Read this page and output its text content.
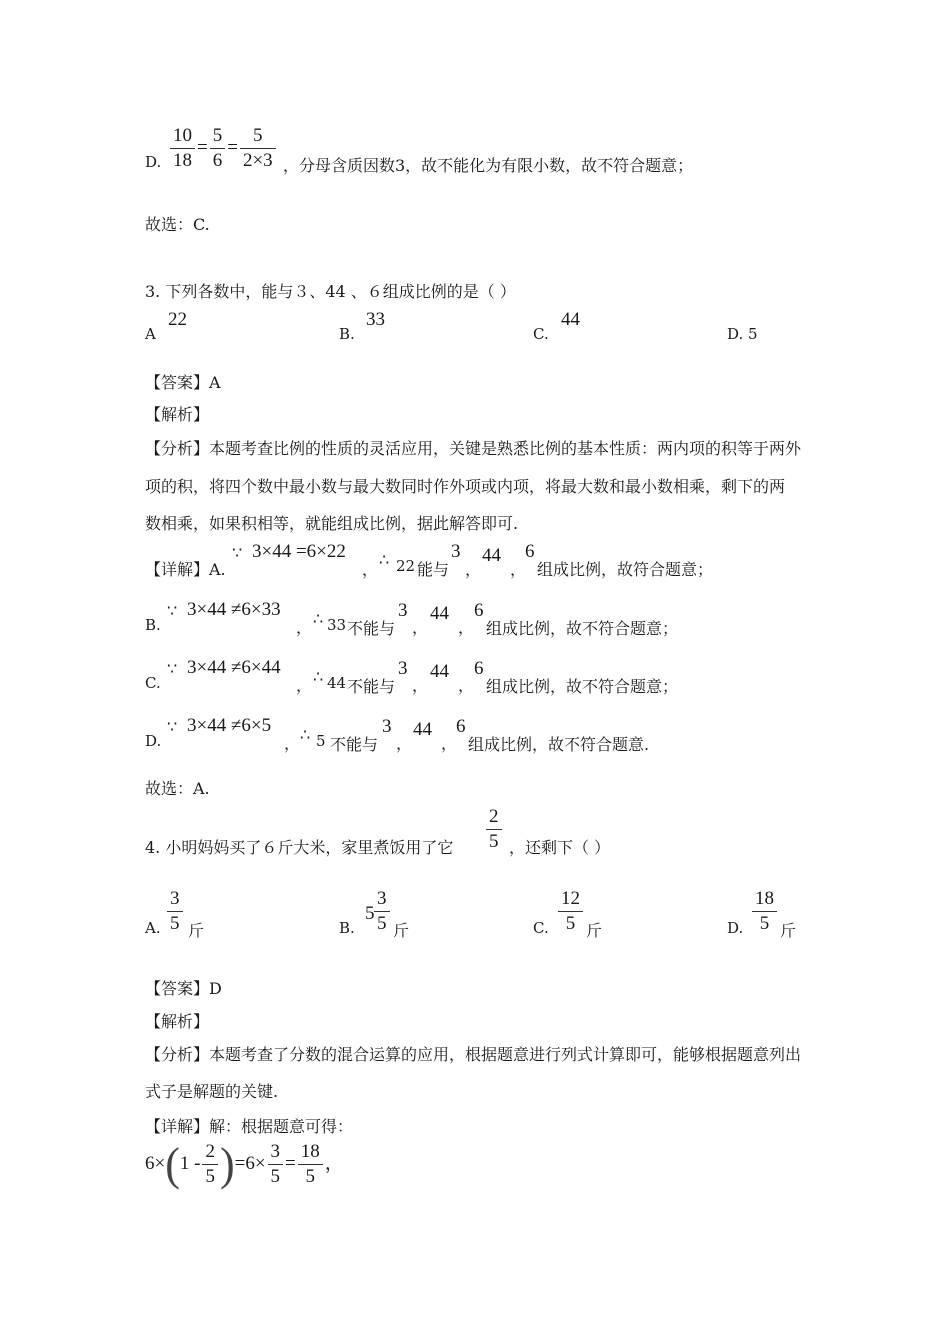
D. $\frac{10}{18} = \frac{5}{6} = \frac{5}{2\times 3}$ ，分母含质因数3，故不能化为有限小数，故不符合题意；
故选：C.
3. 下列各数中，能与３、44 、６组成比例的是（ ）
A
22
B.
33
C.
44
D. 5
【答案】A
【解析】
【分析】本题考查比例的性质的灵活应用，关键是熟悉比例的基本性质：两内项的积等于两外
项的积，将四个数中最小数与最大数同时作外项或内项，将最大数和最小数相乘，剩下的两
数相乘，如果积相等，就能组成比例，据此解答即可.
【详解】A.
∵ 3×44 =6×22
， ∴ 22 能与
3
，
44
，
6
组成比例，故符合题意；
B.
∵ 3×44 ≠6×33
， ∴ 33 不能与
3
，
44
，
6
组成比例，故不符合题意；
C.
∵ 3×44 ≠6×44
， ∴ 44 不能与
3
，
44
，
6
组成比例，故不符合题意；
D.
∵ 3×44 ≠6×5
， ∴ 5 不能与
3
，
44
，
6
组成比例，故不符合题意.
故选：A.
4. 小明妈妈买了６斤大米，家里煮饭用了它 $\frac{2}{5}$ ，还剩下（ ）
A. $\frac{3}{5}$ 斤	B.
$5 \frac{3}{5}$ 斤	C. $\frac{12}{5}$ 斤	D. $\frac{18}{5}$ 斤
【答案】D
【解析】
【分析】本题考查了分数的混合运算的应用，根据题意进行列式计算即可，能够根据题意列出
式子是解题的关键.
【详解】解：根据题意可得：
$6\times(1 - \frac{2}{5} )=6\times \frac{3}{5} = \frac{18}{5}$ ，
